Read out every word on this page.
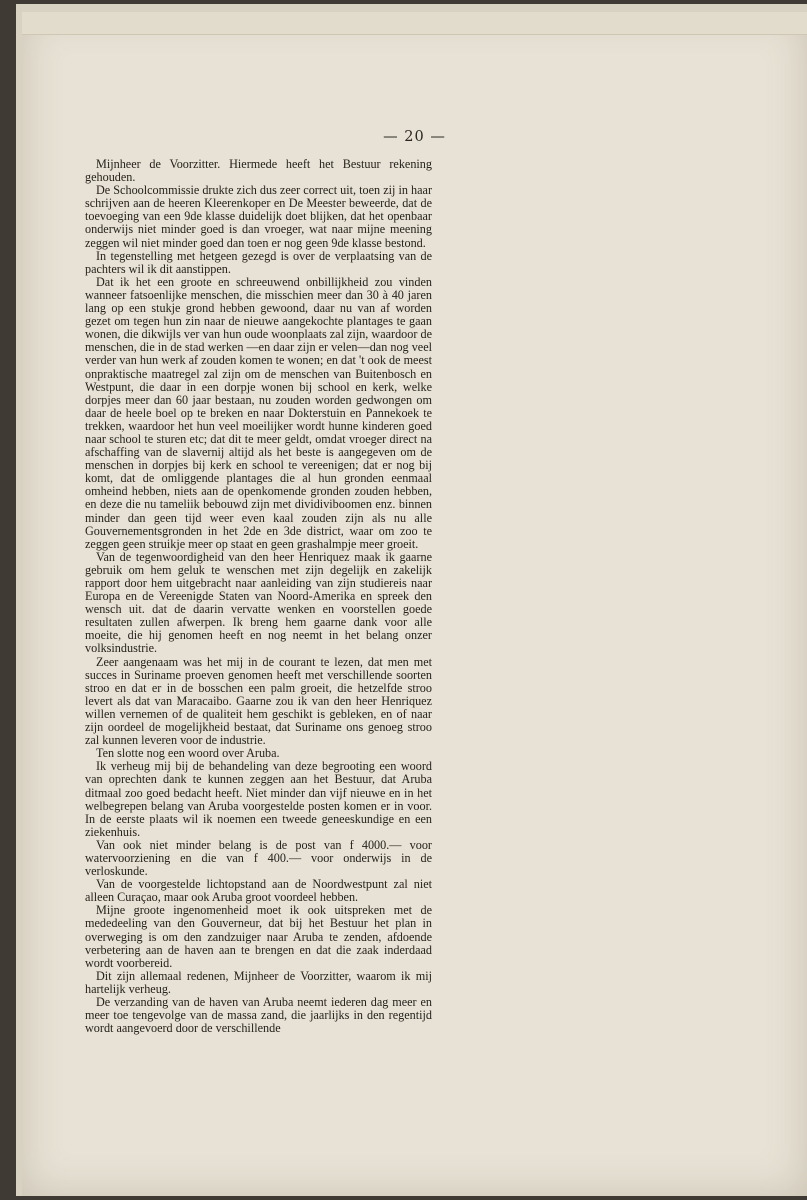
— 20 —

Mijnheer de Voorzitter. Hiermede heeft het Bestuur rekening gehouden.

De Schoolcommissie drukte zich dus zeer correct uit, toen zij in haar schrijven aan de heeren Kleerenkoper en De Meester beweerde, dat de toevoeging van een 9de klasse duidelijk doet blijken, dat het openbaar onderwijs niet minder goed is dan vroeger, wat naar mijne meening zeggen wil niet minder goed dan toen er nog geen 9de klasse bestond.

In tegenstelling met hetgeen gezegd is over de verplaatsing van de pachters wil ik dit aanstippen.

Dat ik het een groote en schreeuwend onbillijkheid zou vinden wanneer fatsoenlijke menschen, die misschien meer dan 30 à 40 jaren lang op een stukje grond hebben gewoond, daar nu van af worden gezet om tegen hun zin naar de nieuwe aangekochte plantages te gaan wonen, die dikwijls ver van hun oude woonplaats zal zijn, waardoor de menschen, die in de stad werken —en daar zijn er velen—dan nog veel verder van hun werk af zouden komen te wonen; en dat 't ook de meest onpraktische maatregel zal zijn om de menschen van Buitenbosch en Westpunt, die daar in een dorpje wonen bij school en kerk, welke dorpjes meer dan 60 jaar bestaan, nu zouden worden gedwongen om daar de heele boel op te breken en naar Dokterstuin en Pannekoek te trekken, waardoor het hun veel moeilijker wordt hunne kinderen goed naar school te sturen etc; dat dit te meer geldt, omdat vroeger direct na afschaffing van de slavernij altijd als het beste is aangegeven om de menschen in dorpjes bij kerk en school te vereenigen; dat er nog bij komt, dat de omliggende plantages die al hun gronden eenmaal omheind hebben, niets aan de openkomende gronden zouden hebben, en deze die nu tameliik bebouwd zijn met dividiviboomen enz. binnen minder dan geen tijd weer even kaal zouden zijn als nu alle Gouvernementsgronden in het 2de en 3de district, waar om zoo te zeggen geen struikje meer op staat en geen grashalmpje meer groeit.

Van de tegenwoordigheid van den heer Henriquez maak ik gaarne gebruik om hem geluk te wenschen met zijn degelijk en zakelijk rapport door hem uitgebracht naar aanleiding van zijn studiereis naar Europa en de Vereenigde Staten van Noord-Amerika en spreek den wensch uit. dat de daarin vervatte wenken en voorstellen goede resultaten zullen afwerpen. Ik breng hem gaarne dank voor alle moeite, die hij genomen heeft en nog neemt in het belang onzer volksindustrie.

Zeer aangenaam was het mij in de courant te lezen, dat men met succes in Suriname proeven genomen heeft met verschillende soorten stroo en dat er in de bosschen een palm groeit, die hetzelfde stroo levert als dat van Maracaibo. Gaarne zou ik van den heer Henriquez willen vernemen of de qualiteit hem geschikt is gebleken, en of naar zijn oordeel de mogelijkheid bestaat, dat Suriname ons genoeg stroo zal kunnen leveren voor de industrie.

Ten slotte nog een woord over Aruba.

Ik verheug mij bij de behandeling van deze begrooting een woord van oprechten dank te kunnen zeggen aan het Bestuur, dat Aruba ditmaal zoo goed bedacht heeft. Niet minder dan vijf nieuwe en in het welbegrepen belang van Aruba voorgestelde posten komen er in voor. In de eerste plaats wil ik noemen een tweede geneeskundige en een ziekenhuis.

Van ook niet minder belang is de post van f 4000.— voor watervoorziening en die van f 400.— voor onderwijs in de verloskunde.

Van de voorgestelde lichtopstand aan de Noordwestpunt zal niet alleen Curaçao, maar ook Aruba groot voordeel hebben.

Mijne groote ingenomenheid moet ik ook uitspreken met de mededeeling van den Gouverneur, dat bij het Bestuur het plan in overweging is om den zandzuiger naar Aruba te zenden, afdoende verbetering aan de haven aan te brengen en dat die zaak inderdaad wordt voorbereid.

Dit zijn allemaal redenen, Mijnheer de Voorzitter, waarom ik mij hartelijk verheug.

De verzanding van de haven van Aruba neemt iederen dag meer en meer toe tengevolge van de massa zand, die jaarlijks in den regentijd wordt aangevoerd door de verschillende
